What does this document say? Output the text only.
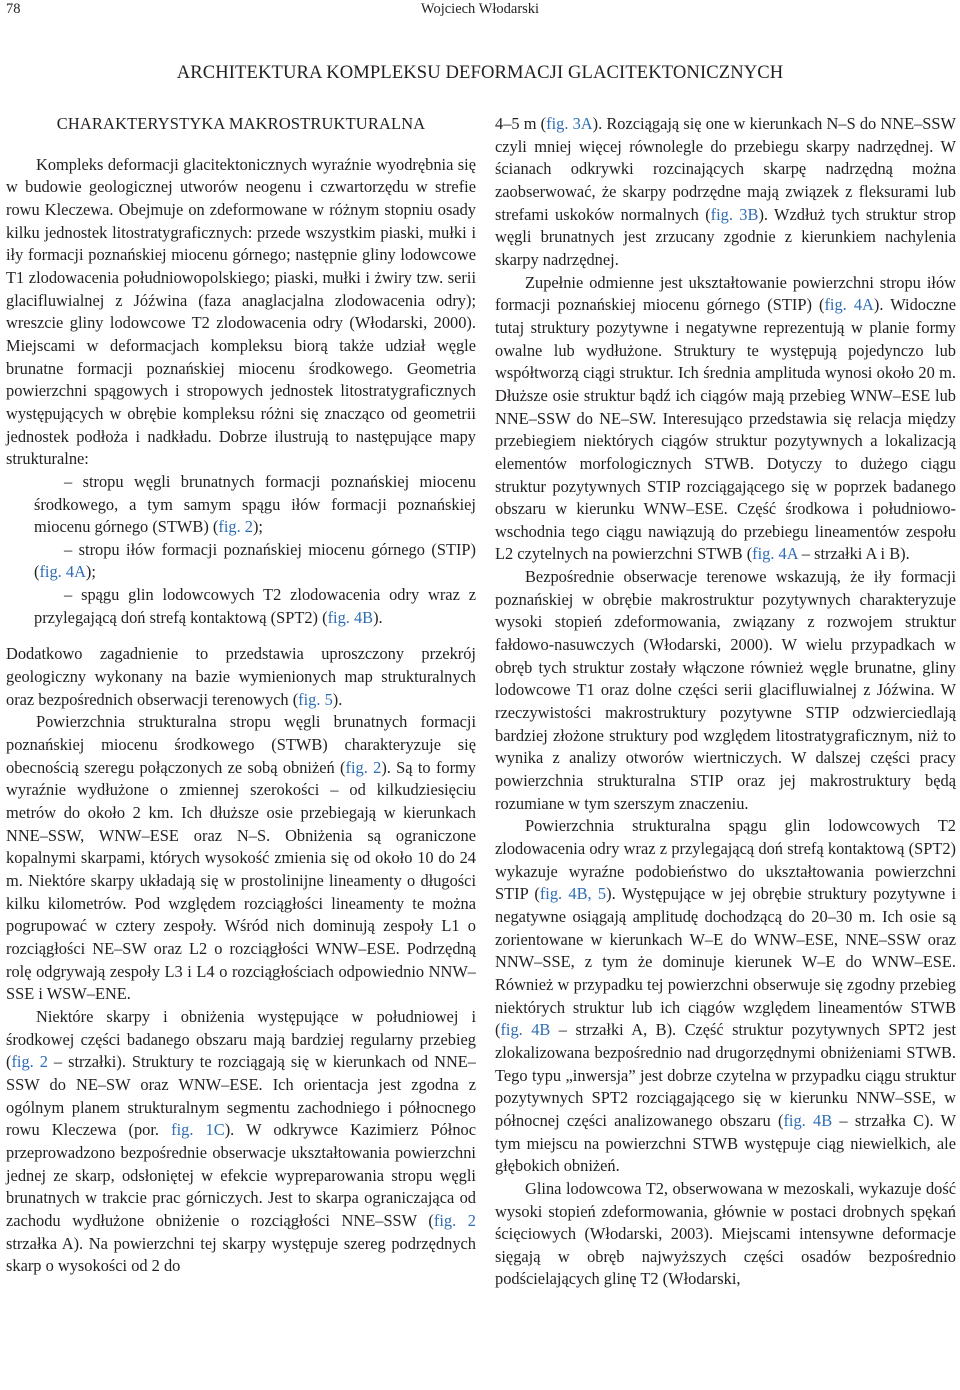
78	Wojciech Włodarski
ARCHITEKTURA KOMPLEKSU DEFORMACJI GLACITEKTONICZNYCH
CHARAKTERYSTYKA MAKROSTRUKTURALNA

Kompleks deformacji glacitektonicznych wyraźnie wyodrębnia się w budowie geologicznej utworów neogenu i czwartorzędu w strefie rowu Kleczewa. Obejmuje on zdeformowane w różnym stopniu osady kilku jednostek litostratygraficznych: przede wszystkim piaski, mułki i iły formacji poznańskiej miocenu górnego; następnie gliny lodowcowe T1 zlodowacenia południowopolskiego; piaski, mułki i żwiry tzw. serii glacifluwialnej z Jóźwina (faza anaglacjalna zlodowacenia odry); wreszcie gliny lodowcowe T2 zlodowacenia odry (Włodarski, 2000). Miejscami w deformacjach kompleksu biorą także udział węgle brunatne formacji poznańskiej miocenu środkowego. Geometria powierzchni spągowych i stropowych jednostek litostratygraficznych występujących w obrębie kompleksu różni się znacząco od geometrii jednostek podłoża i nadkładu. Dobrze ilustrują to następujące mapy strukturalne:

– stropu węgli brunatnych formacji poznańskiej miocenu środkowego, a tym samym spągu iłów formacji poznańskiej miocenu górnego (STWB) (fig. 2);

– stropu iłów formacji poznańskiej miocenu górnego (STIP) (fig. 4A);

– spągu glin lodowcowych T2 zlodowacenia odry wraz z przylegającą doń strefą kontaktową (SPT2) (fig. 4B).

Dodatkowo zagadnienie to przedstawia uproszczony przekrój geologiczny wykonany na bazie wymienionych map strukturalnych oraz bezpośrednich obserwacji terenowych (fig. 5).

Powierzchnia strukturalna stropu węgli brunatnych formacji poznańskiej miocenu środkowego (STWB) charakteryzuje się obecnością szeregu połączonych ze sobą obniżeń (fig. 2). Są to formy wyraźnie wydłużone o zmiennej szerokości – od kilkudziesięciu metrów do około 2 km. Ich dłuższe osie przebiegają w kierunkach NNE–SSW, WNW–ESE oraz N–S. Obniżenia są ograniczone kopalnymi skarpami, których wysokość zmienia się od około 10 do 24 m. Niektóre skarpy układają się w prostolinijne lineamenty o długości kilku kilometrów. Pod względem rozciągłości lineamenty te można pogrupować w cztery zespoły. Wśród nich dominują zespoły L1 o rozciągłości NE–SW oraz L2 o rozciągłości WNW–ESE. Podrzędną rolę odgrywają zespoły L3 i L4 o rozciągłościach odpowiednio NNW–SSE i WSW–ENE.

Niektóre skarpy i obniżenia występujące w południowej i środkowej części badanego obszaru mają bardziej regularny przebieg (fig. 2 – strzałki). Struktury te rozciągają się w kierunkach od NNE–SSW do NE–SW oraz WNW–ESE. Ich orientacja jest zgodna z ogólnym planem strukturalnym segmentu zachodniego i północnego rowu Kleczewa (por. fig. 1C). W odkrywce Kazimierz Północ przeprowadzono bezpośrednie obserwacje ukształtowania powierzchni jednej ze skarp, odsłoniętej w efekcie wypreparowania stropu węgli brunatnych w trakcie prac górniczych. Jest to skarpa ograniczająca od zachodu wydłużone obniżenie o rozciągłości NNE–SSW (fig. 2 strzałka A). Na powierzchni tej skarpy występuje szereg podrzędnych skarp o wysokości od 2 do

4–5 m (fig. 3A). Rozciągają się one w kierunkach N–S do NNE–SSW czyli mniej więcej równolegle do przebiegu skarpy nadrzędnej. W ścianach odkrywki rozcinających skarpę nadrzędną można zaobserwować, że skarpy podrzędne mają związek z fleksurami lub strefami uskoków normalnych (fig. 3B). Wzdłuż tych struktur strop węgli brunatnych jest zrzucany zgodnie z kierunkiem nachylenia skarpy nadrzędnej.

Zupełnie odmienne jest ukształtowanie powierzchni stropu iłów formacji poznańskiej miocenu górnego (STIP) (fig. 4A). Widoczne tutaj struktury pozytywne i negatywne reprezentują w planie formy owalne lub wydłużone. Struktury te występują pojedynczo lub współtworzą ciągi struktur. Ich średnia amplituda wynosi około 20 m. Dłuższe osie struktur bądź ich ciągów mają przebieg WNW–ESE lub NNE–SSW do NE–SW. Interesująco przedstawia się relacja między przebiegiem niektórych ciągów struktur pozytywnych a lokalizacją elementów morfologicznych STWB. Dotyczy to dużego ciągu struktur pozytywnych STIP rozciągającego się w poprzek badanego obszaru w kierunku WNW–ESE. Część środkowa i południowo-wschodnia tego ciągu nawiązują do przebiegu lineamentów zespołu L2 czytelnych na powierzchni STWB (fig. 4A – strzałki A i B).

Bezpośrednie obserwacje terenowe wskazują, że iły formacji poznańskiej w obrębie makrostruktur pozytywnych charakteryzuje wysoki stopień zdeformowania, związany z rozwojem struktur fałdowo-nasuwczych (Włodarski, 2000). W wielu przypadkach w obręb tych struktur zostały włączone również węgle brunatne, gliny lodowcowe T1 oraz dolne części serii glacifluwialnej z Jóźwina. W rzeczywistości makrostruktury pozytywne STIP odzwierciedlają bardziej złożone struktury pod względem litostratygraficznym, niż to wynika z analizy otworów wiertniczych. W dalszej części pracy powierzchnia strukturalna STIP oraz jej makrostruktury będą rozumiane w tym szerszym znaczeniu.

Powierzchnia strukturalna spągu glin lodowcowych T2 zlodowacenia odry wraz z przylegającą doń strefą kontaktową (SPT2) wykazuje wyraźne podobieństwo do ukształtowania powierzchni STIP (fig. 4B, 5). Występujące w jej obrębie struktury pozytywne i negatywne osiągają amplitudę dochodzącą do 20–30 m. Ich osie są zorientowane w kierunkach W–E do WNW–ESE, NNE–SSW oraz NNW–SSE, z tym że dominuje kierunek W–E do WNW–ESE. Również w przypadku tej powierzchni obserwuje się zgodny przebieg niektórych struktur lub ich ciągów względem lineamentów STWB (fig. 4B – strzałki A, B). Część struktur pozytywnych SPT2 jest zlokalizowana bezpośrednio nad drugorzędnymi obniżeniami STWB. Tego typu „inwersja” jest dobrze czytelna w przypadku ciągu struktur pozytywnych SPT2 rozciągającego się w kierunku NNW–SSE, w północnej części analizowanego obszaru (fig. 4B – strzałka C). W tym miejscu na powierzchni STWB występuje ciąg niewielkich, ale głębokich obniżeń.

Glina lodowcowa T2, obserwowana w mezoskali, wykazuje dość wysoki stopień zdeformowania, głównie w postaci drobnych spękań ścięciowych (Włodarski, 2003). Miejscami intensywne deformacje sięgają w obręb najwyższych części osadów bezpośrednio podścielających glinę T2 (Włodarski,
